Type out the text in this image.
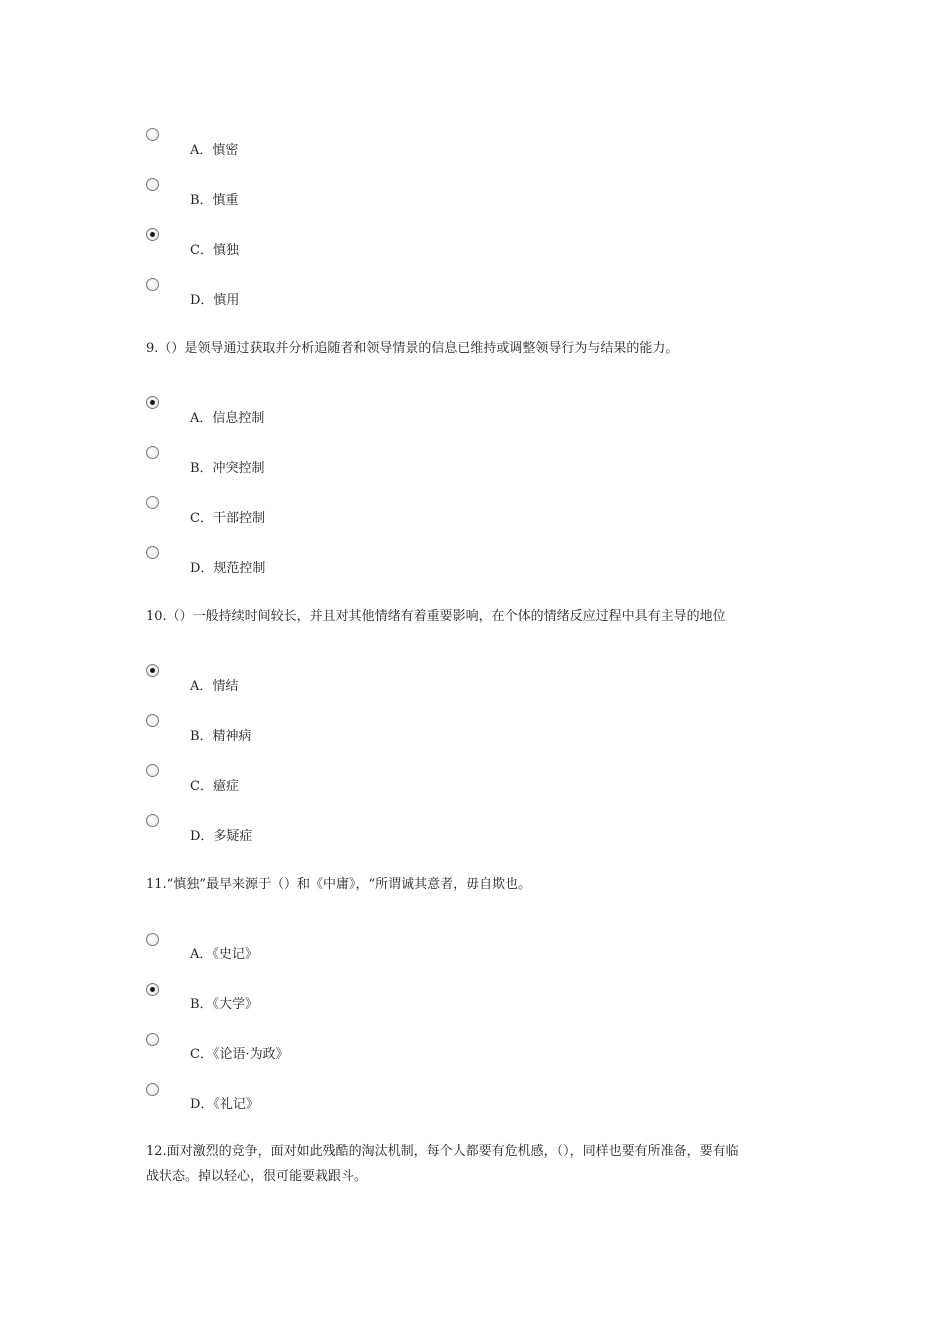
A．慎密
B．慎重
C．慎独
D．慎用
9.（）是领导通过获取并分析追随者和领导情景的信息已维持或调整领导行为与结果的能力。
A．信息控制
B．冲突控制
C．干部控制
D．规范控制
10.（）一般持续时间较长，并且对其他情绪有着重要影响，在个体的情绪反应过程中具有主导的地位
A．情结
B．精神病
C．癔症
D．多疑症
11.“慎独”最早来源于（）和《中庸》，“所谓诚其意者，毋自欺也。
A．《史记》
B．《大学》
C．《论语·为政》
D．《礼记》
12.面对激烈的竞争，面对如此残酷的淘汰机制，每个人都要有危机感，（），同样也要有所准备，要有临
战状态。掉以轻心，很可能要栽跟斗。
